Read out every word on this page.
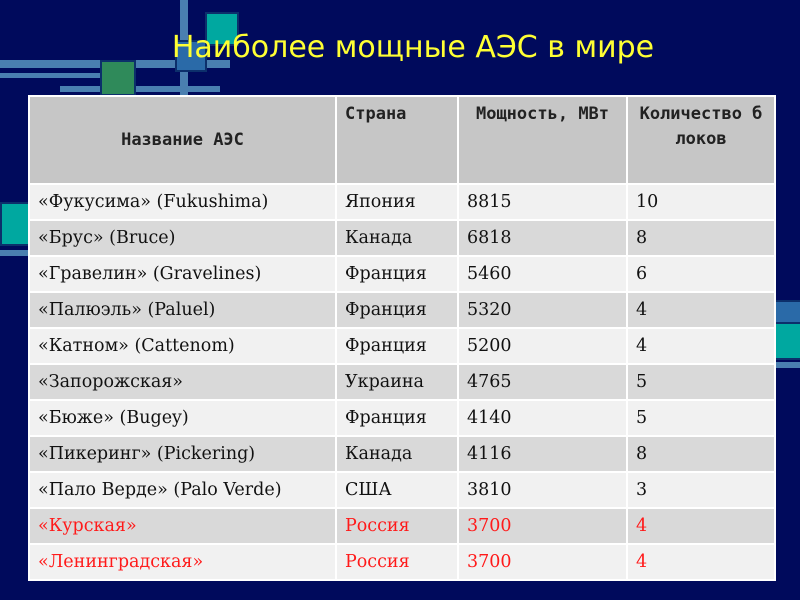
Наиболее мощные АЭС в мире
Название АЭС	Страна	Мощность, МВт	Количество блоков
«Фукусима» (Fukushima)	Япония	8815	10
«Брус» (Bruce)	Канада	6818	8
«Гравелин» (Gravelines)	Франция	5460	6
«Палюэль» (Paluel)	Франция	5320	4
«Катном» (Cattenom)	Франция	5200	4
«Запорожская»	Украина	4765	5
«Бюже» (Bugey)	Франция	4140	5
«Пикеринг» (Pickering)	Канада	4116	8
«Пало Верде» (Palo Verde)	США	3810	3
«Курская»	Россия	3700	4
«Ленинградская»	Россия	3700	4
